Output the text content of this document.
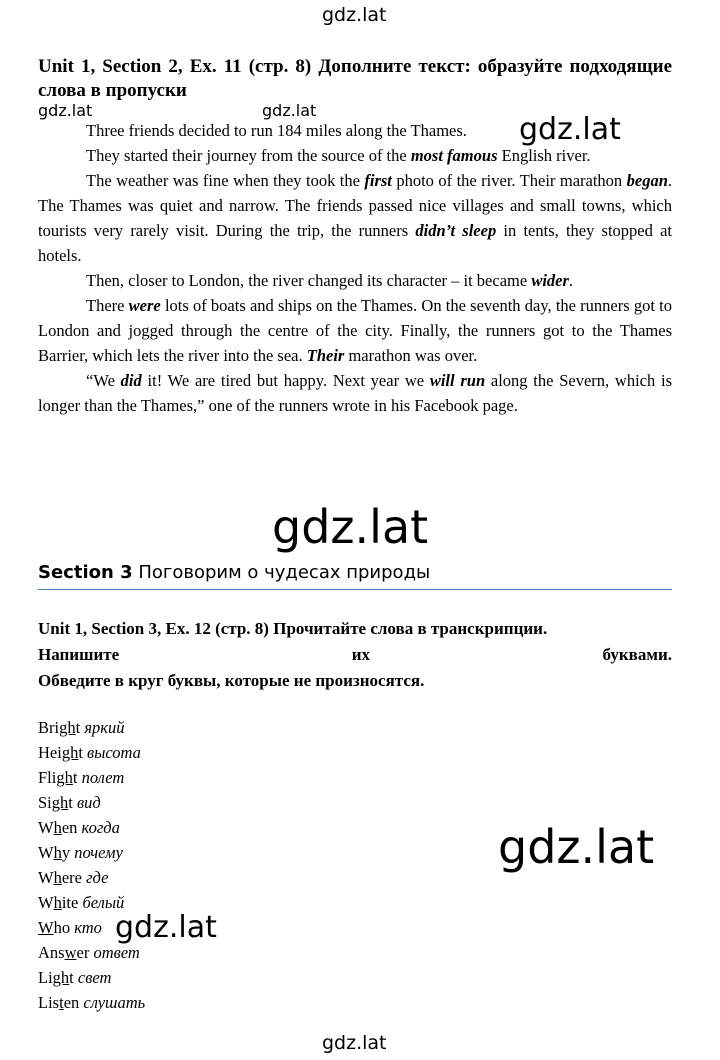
gdz.lat
gdz.lat	gdz.lat
Unit 1, Section 2, Ex. 11 (стр. 8) Дополните текст: образуйте подходящие слова в пропуски

Three friends decided to run 184 miles along the Thames.

They started their journey from the source of the most famous English river.

The weather was fine when they took the first photo of the river. Their marathon began. The Thames was quiet and narrow. The friends passed nice villages and small towns, which tourists very rarely visit. During the trip, the runners didn’t sleep in tents, they stopped at hotels.

Then, closer to London, the river changed its character – it became wider.

There were lots of boats and ships on the Thames. On the seventh day, the runners got to London and jogged through the centre of the city. Finally, the runners got to the Thames Barrier, which lets the river into the sea. Their marathon was over.

“We did it! We are tired but happy. Next year we will run along the Severn, which is longer than the Thames,” one of the runners wrote in his Facebook page.

gdz.lat
gdz.lat
Section 3 Поговорим о чудесах природы
Unit 1, Section 3, Ex. 12 (стр. 8) Прочитайте слова в транскрипции.
Напишите	их	буквами.
Обведите в круг буквы, которые не произносятся.
Bright яркий
Height высота
Flight полет
Sight вид
When когда
Why почему
Where где
White белый
Who кто
Answer ответ
Light свет
Listen слушать
gdz.lat
gdz.lat
gdz.lat
